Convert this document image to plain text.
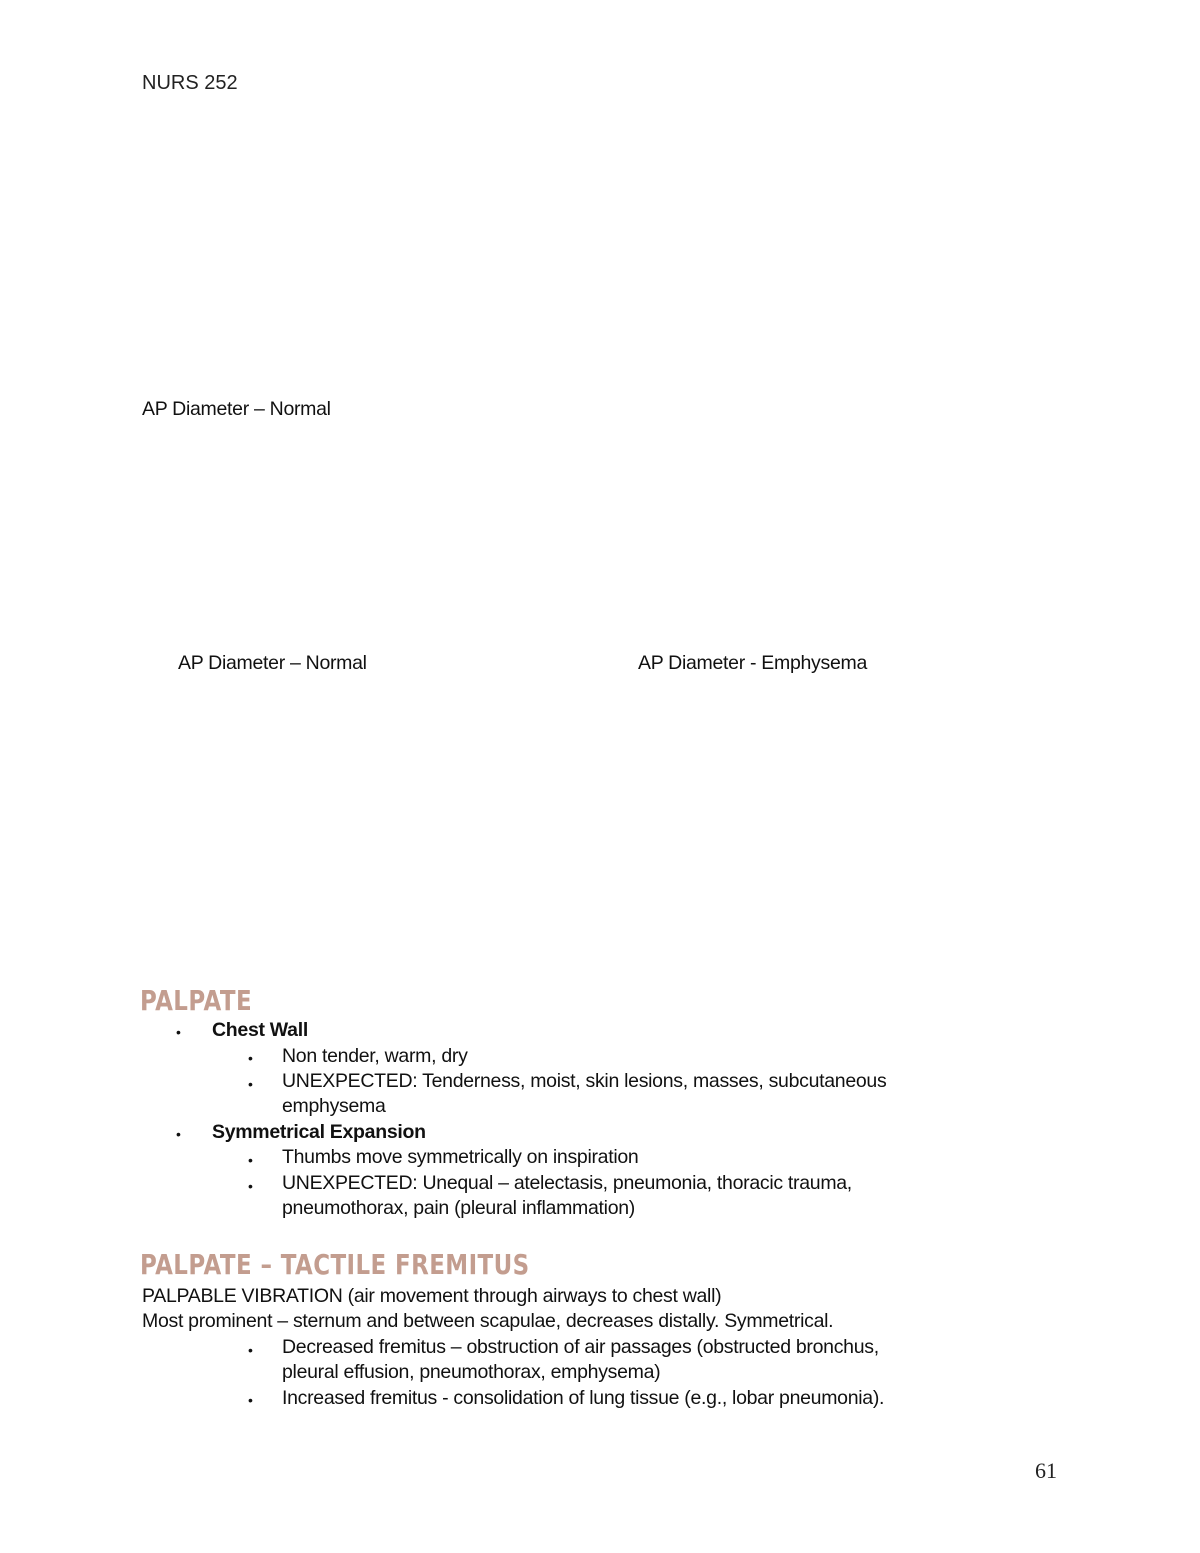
NURS 252
AP Diameter – Normal
AP Diameter – Normal	AP Diameter - Emphysema
PALPATE
• Chest Wall
• Non tender, warm, dry
• UNEXPECTED: Tenderness, moist, skin lesions, masses, subcutaneous
emphysema
• Symmetrical Expansion
• Thumbs move symmetrically on inspiration
• UNEXPECTED: Unequal – atelectasis, pneumonia, thoracic trauma,
pneumothorax, pain (pleural inflammation)
PALPATE – TACTILE FREMITUS
PALPABLE VIBRATION (air movement through airways to chest wall)
Most prominent – sternum and between scapulae, decreases distally. Symmetrical.
• Decreased fremitus – obstruction of air passages (obstructed bronchus,
pleural effusion, pneumothorax, emphysema)
• Increased fremitus - consolidation of lung tissue (e.g., lobar pneumonia).
61
